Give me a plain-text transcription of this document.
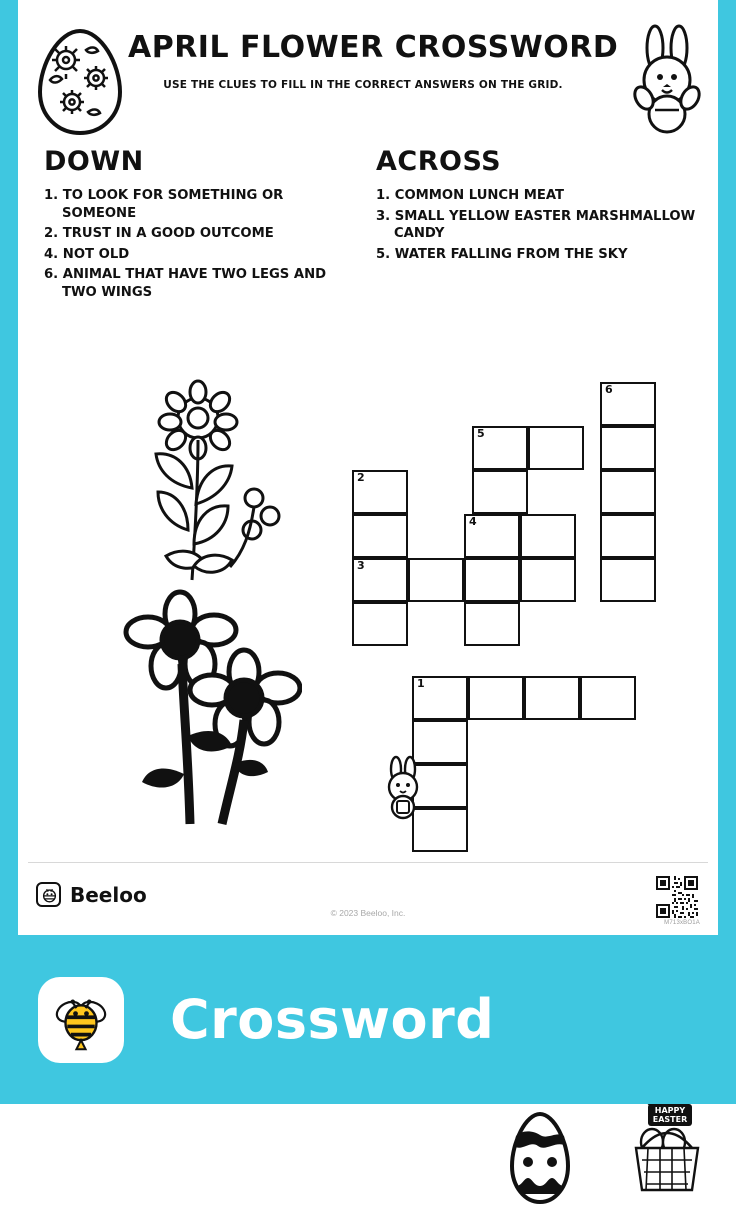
APRIL FLOWER CROSSWORD
USE THE CLUES TO FILL IN THE CORRECT ANSWERS ON THE GRID.
DOWN
1. TO LOOK FOR SOMETHING OR SOMEONE
2. TRUST IN A GOOD OUTCOME
4. NOT OLD
6. ANIMAL THAT HAVE TWO LEGS AND TWO WINGS
ACROSS
1. COMMON LUNCH MEAT
3. SMALL YELLOW EASTER MARSHMALLOW CANDY
5. WATER FALLING FROM THE SKY
1
4
3
2
5
6
HAPPY
EASTER
Beeloo
© 2023 Beeloo, Inc.
M713xBO1A
Crossword
